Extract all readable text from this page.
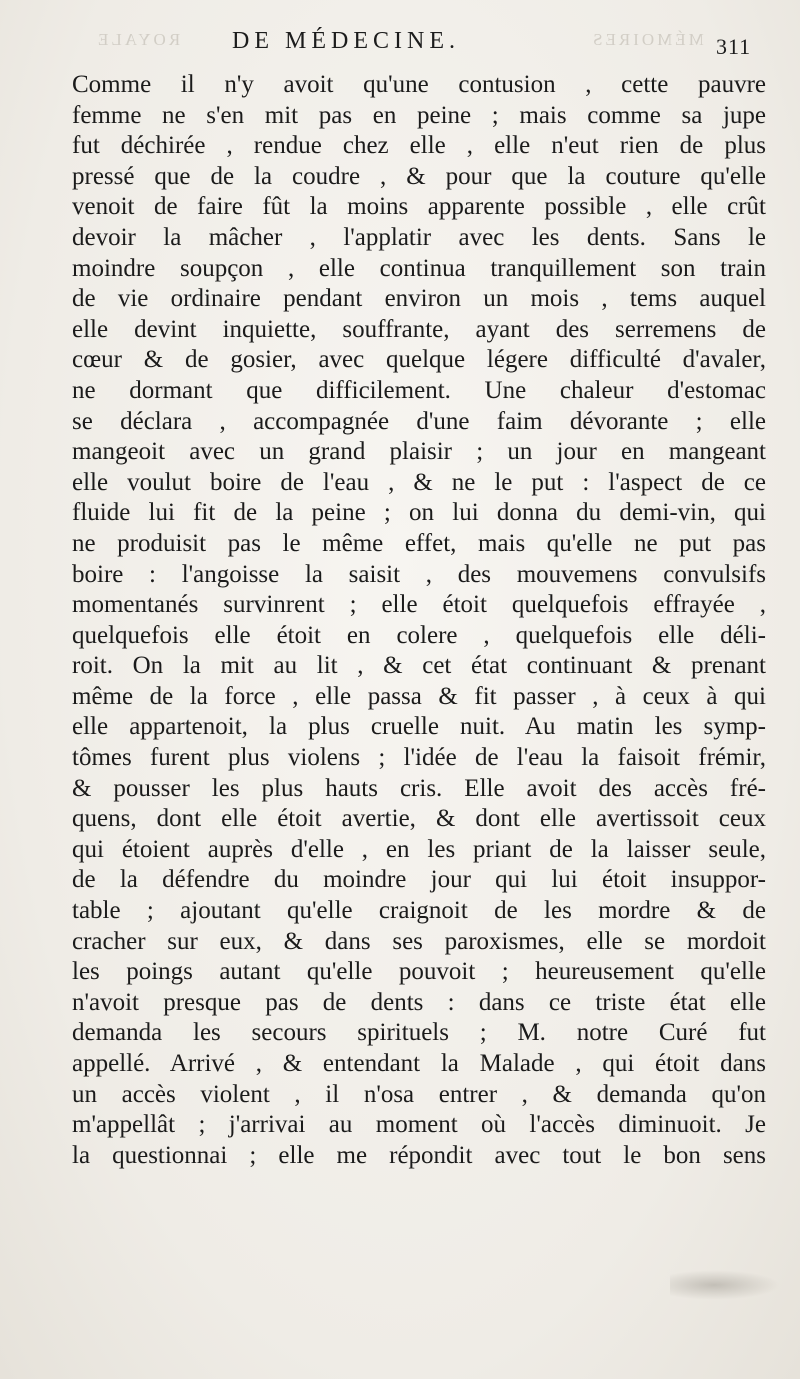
ROYALE	MÉMOIRES
DE MÉDECINE.	311
Comme il n'y avoit qu'une contusion , cette pauvre
femme ne s'en mit pas en peine ; mais comme sa jupe
fut déchirée , rendue chez elle , elle n'eut rien de plus
pressé que de la coudre , & pour que la couture qu'elle
venoit de faire fût la moins apparente possible , elle crût
devoir la mâcher , l'applatir avec les dents. Sans le
moindre soupçon , elle continua tranquillement son train
de vie ordinaire pendant environ un mois , tems auquel
elle devint inquiette, souffrante, ayant des serremens de
cœur & de gosier, avec quelque légere difficulté d'avaler,
ne dormant que difficilement. Une chaleur d'estomac
se déclara , accompagnée d'une faim dévorante ; elle
mangeoit avec un grand plaisir ; un jour en mangeant
elle voulut boire de l'eau , & ne le put : l'aspect de ce
fluide lui fit de la peine ; on lui donna du demi-vin, qui
ne produisit pas le même effet, mais qu'elle ne put pas
boire : l'angoisse la saisit , des mouvemens convulsifs
momentanés survinrent ; elle étoit quelquefois effrayée ,
quelquefois elle étoit en colere , quelquefois elle déli-
roit. On la mit au lit , & cet état continuant & prenant
même de la force , elle passa & fit passer , à ceux à qui
elle appartenoit, la plus cruelle nuit. Au matin les symp-
tômes furent plus violens ; l'idée de l'eau la faisoit frémir,
& pousser les plus hauts cris. Elle avoit des accès fré-
quens, dont elle étoit avertie, & dont elle avertissoit ceux
qui étoient auprès d'elle , en les priant de la laisser seule,
de la défendre du moindre jour qui lui étoit insuppor-
table ; ajoutant qu'elle craignoit de les mordre & de
cracher sur eux, & dans ses paroxismes, elle se mordoit
les poings autant qu'elle pouvoit ; heureusement qu'elle
n'avoit presque pas de dents : dans ce triste état elle
demanda les secours spirituels ; M. notre Curé fut
appellé. Arrivé , & entendant la Malade , qui étoit dans
un accès violent , il n'osa entrer , & demanda qu'on
m'appellât ; j'arrivai au moment où l'accès diminuoit. Je
la questionnai ; elle me répondit avec tout le bon sens
